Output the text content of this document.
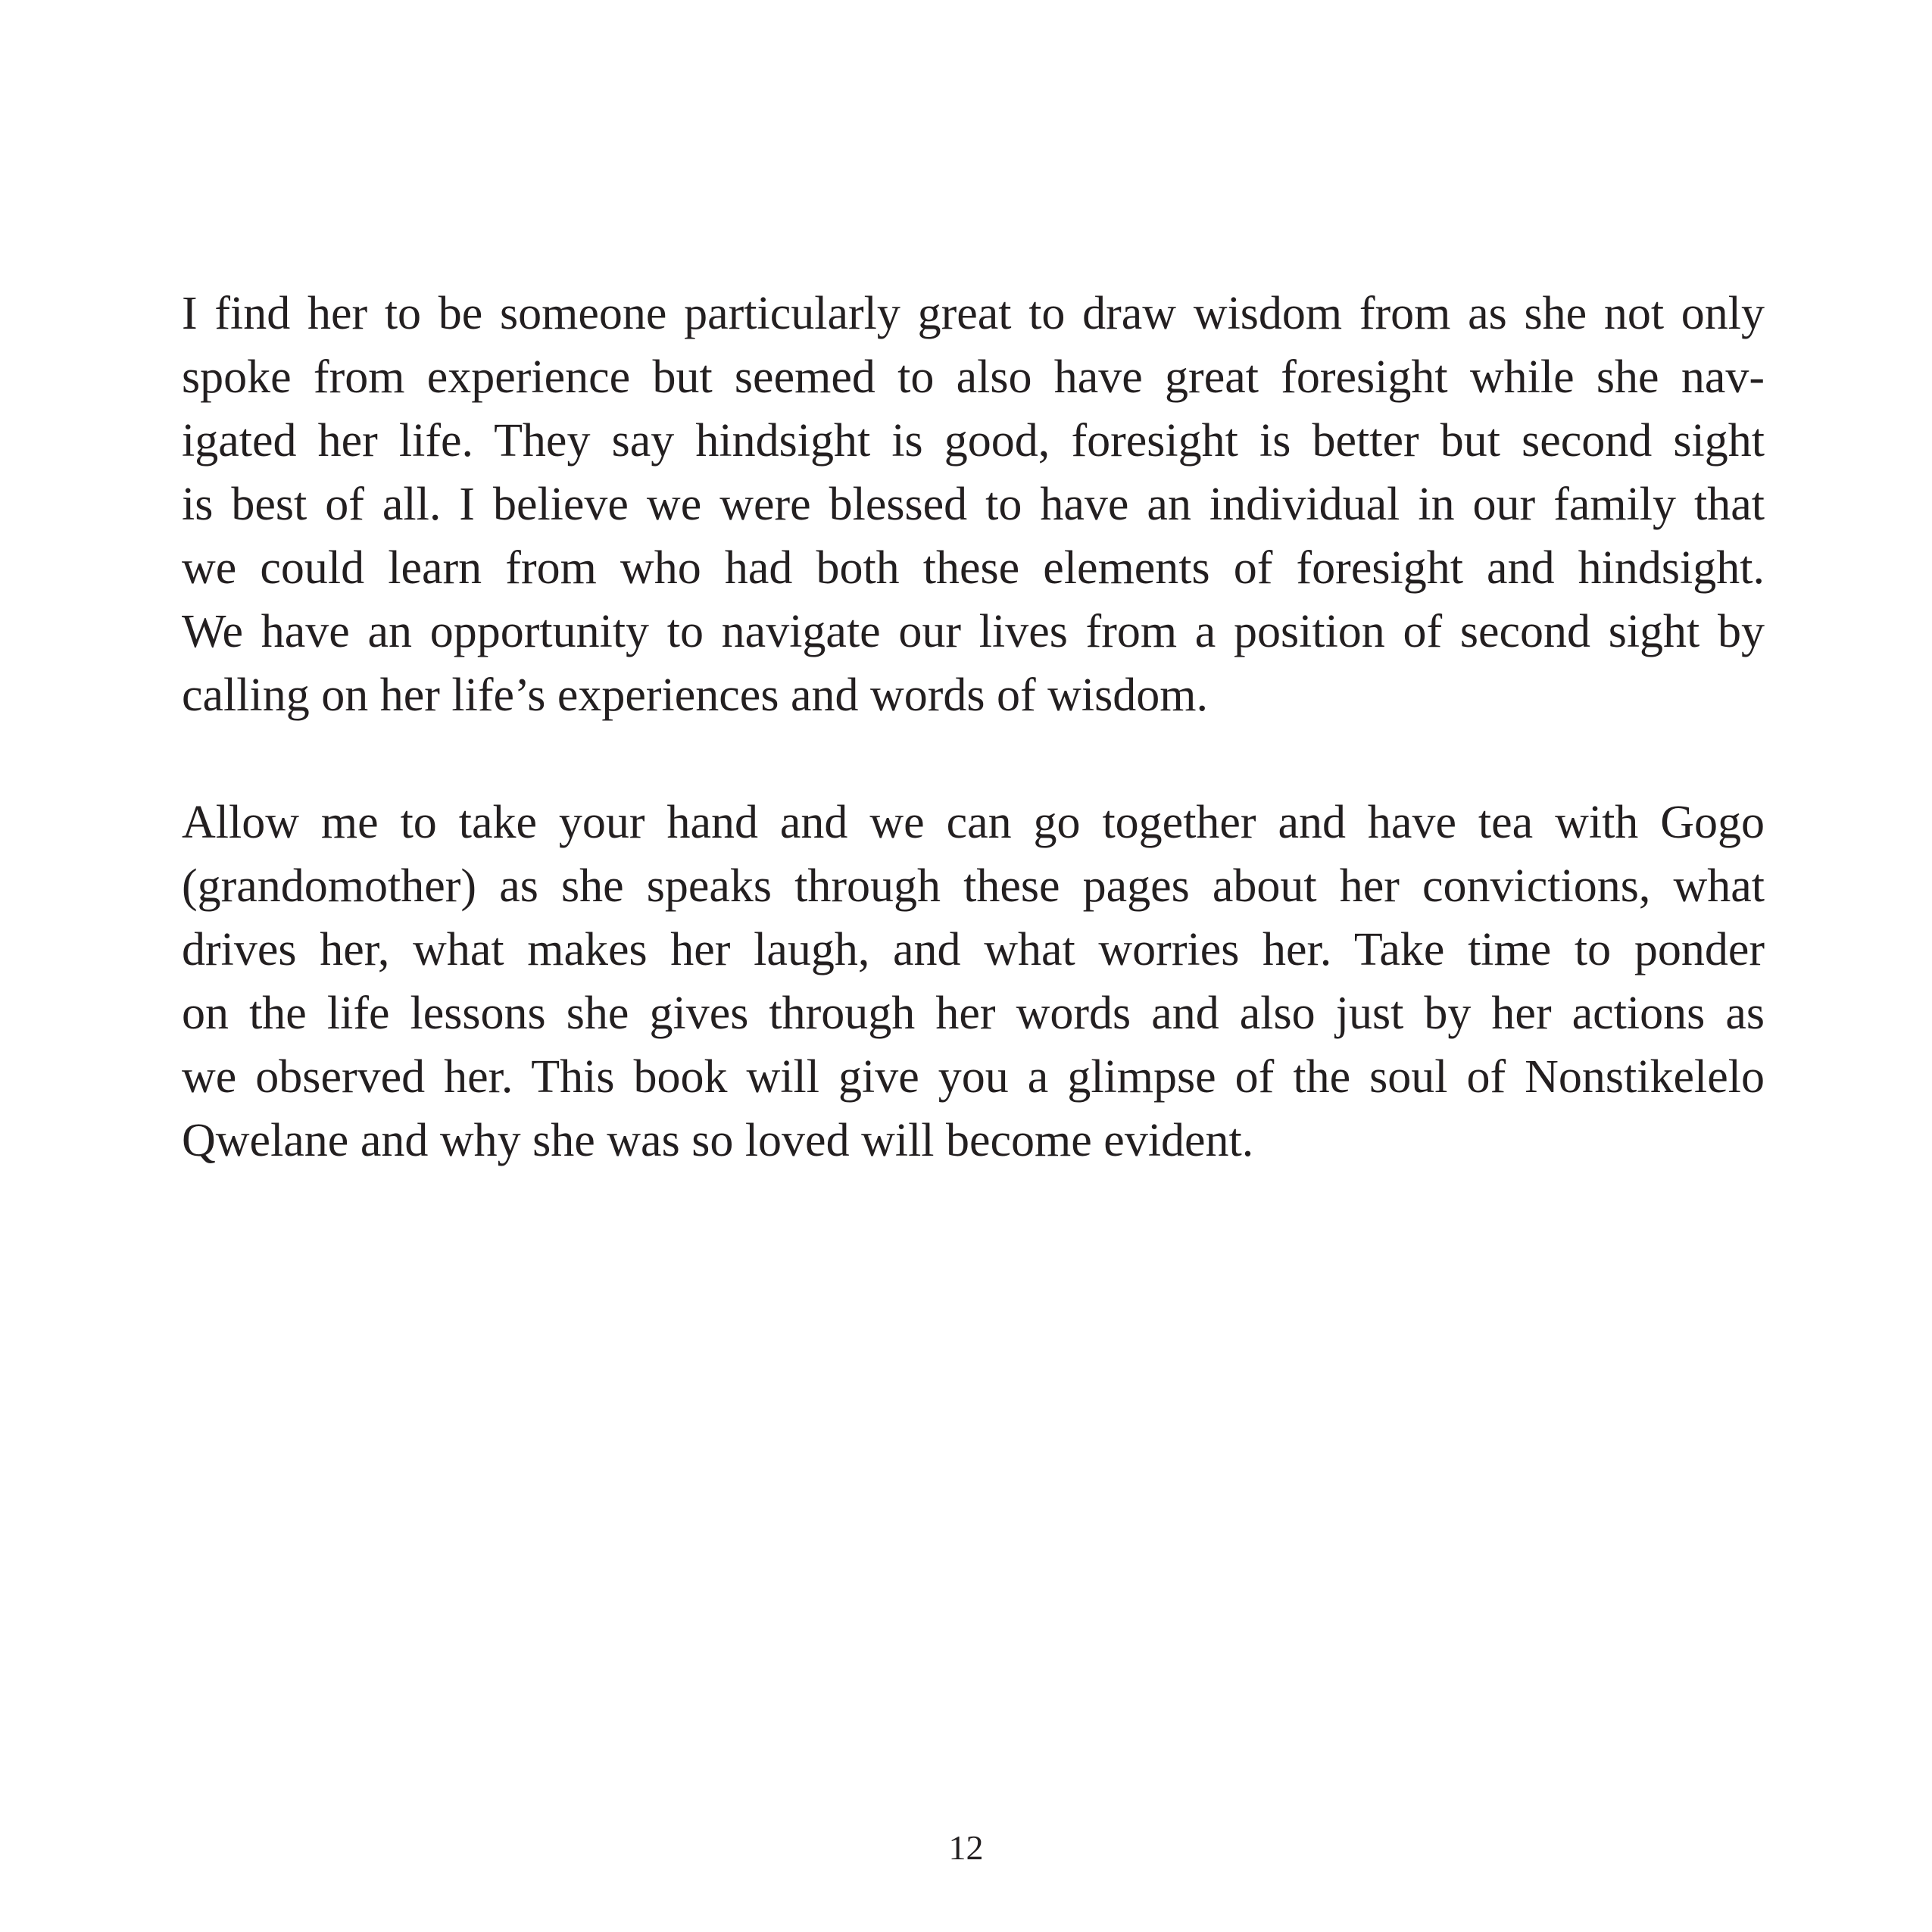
I find her to be someone particularly great to draw wisdom from as she not only
spoke from experience but seemed to also have great foresight while she nav-
igated her life. They say hindsight is good, foresight is better but second sight
is best of all. I believe we were blessed to have an individual in our family that
we could learn from who had both these elements of foresight and hindsight.
We have an opportunity to navigate our lives from a position of second sight by
calling on her life’s experiences and words of wisdom.
Allow me to take your hand and we can go together and have tea with Gogo
(grandomother) as she speaks through these pages about her convictions, what
drives her, what makes her laugh, and what worries her. Take time to ponder
on the life lessons she gives through her words and also just by her actions as
we observed her. This book will give you a glimpse of the soul of Nonstikelelo
Qwelane and why she was so loved will become evident.
12
